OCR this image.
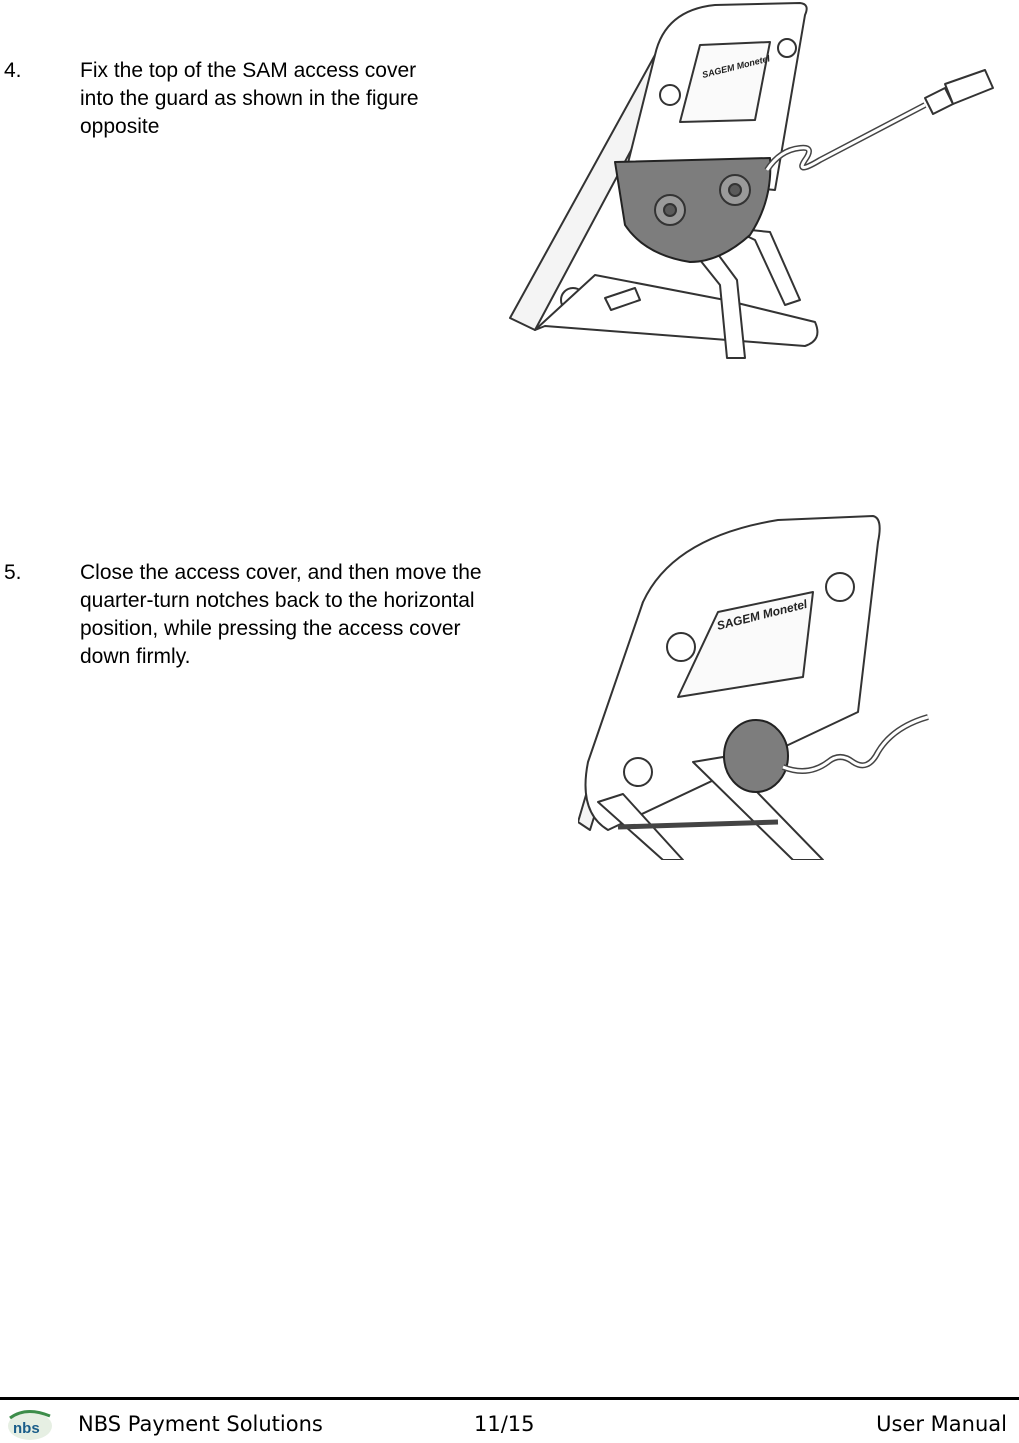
4.	Fix the top of the SAM access cover
into the guard as shown in the figure
opposite
SAGEM Monetel
5.	Close the access cover, and then move the
quarter-turn notches back to the horizontal
position, while pressing the access cover
down firmly.
SAGEM Monetel
nbs NBS Payment Solutions	11/15	User Manual
